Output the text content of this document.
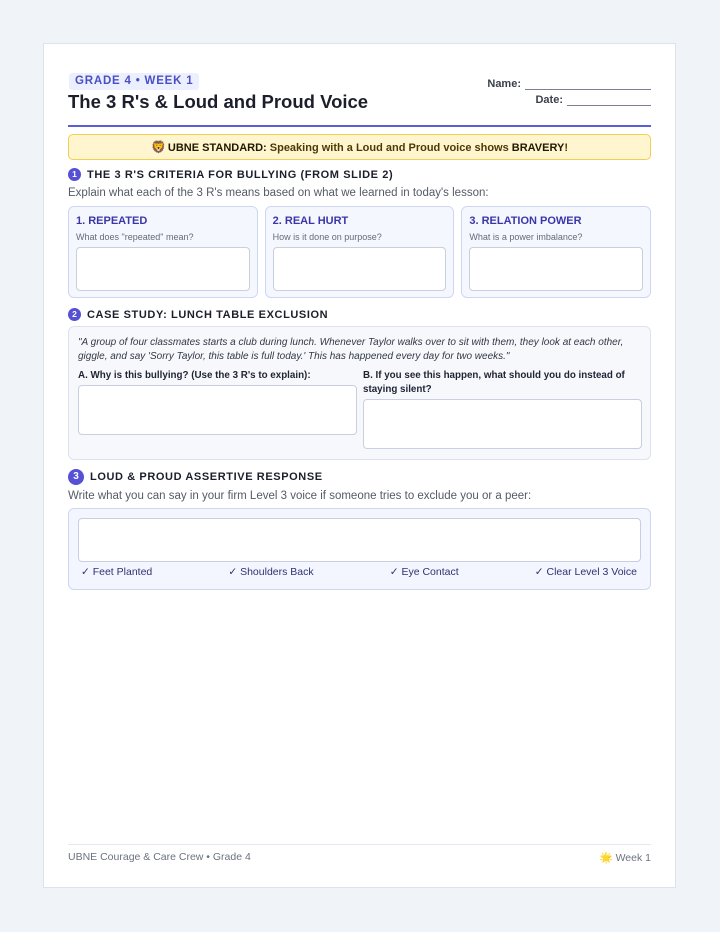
GRADE 4 • WEEK 1
The 3 R's & Loud and Proud Voice
Name:
Date:
🦁 UBNE STANDARD: Speaking with a Loud and Proud voice shows BRAVERY!
1 THE 3 R'S CRITERIA FOR BULLYING (FROM SLIDE 2)
Explain what each of the 3 R's means based on what we learned in today's lesson:
1. REPEATED
What does "repeated" mean?
2. REAL HURT
How is it done on purpose?
3. RELATION POWER
What is a power imbalance?
2 CASE STUDY: LUNCH TABLE EXCLUSION
"A group of four classmates starts a club during lunch. Whenever Taylor walks over to sit with them, they look at each other, giggle, and say 'Sorry Taylor, this table is full today.' This has happened every day for two weeks."
A. Why is this bullying? (Use the 3 R's to explain):	B. If you see this happen, what should you do instead of staying silent?
3	LOUD & PROUD ASSERTIVE RESPONSE
Write what you can say in your firm Level 3 voice if someone tries to exclude you or a peer:
✓ Feet Planted	✓ Shoulders Back	✓ Eye Contact	✓ Clear Level 3 Voice
UBNE Courage & Care Crew • Grade 4	🌟 Week 1
